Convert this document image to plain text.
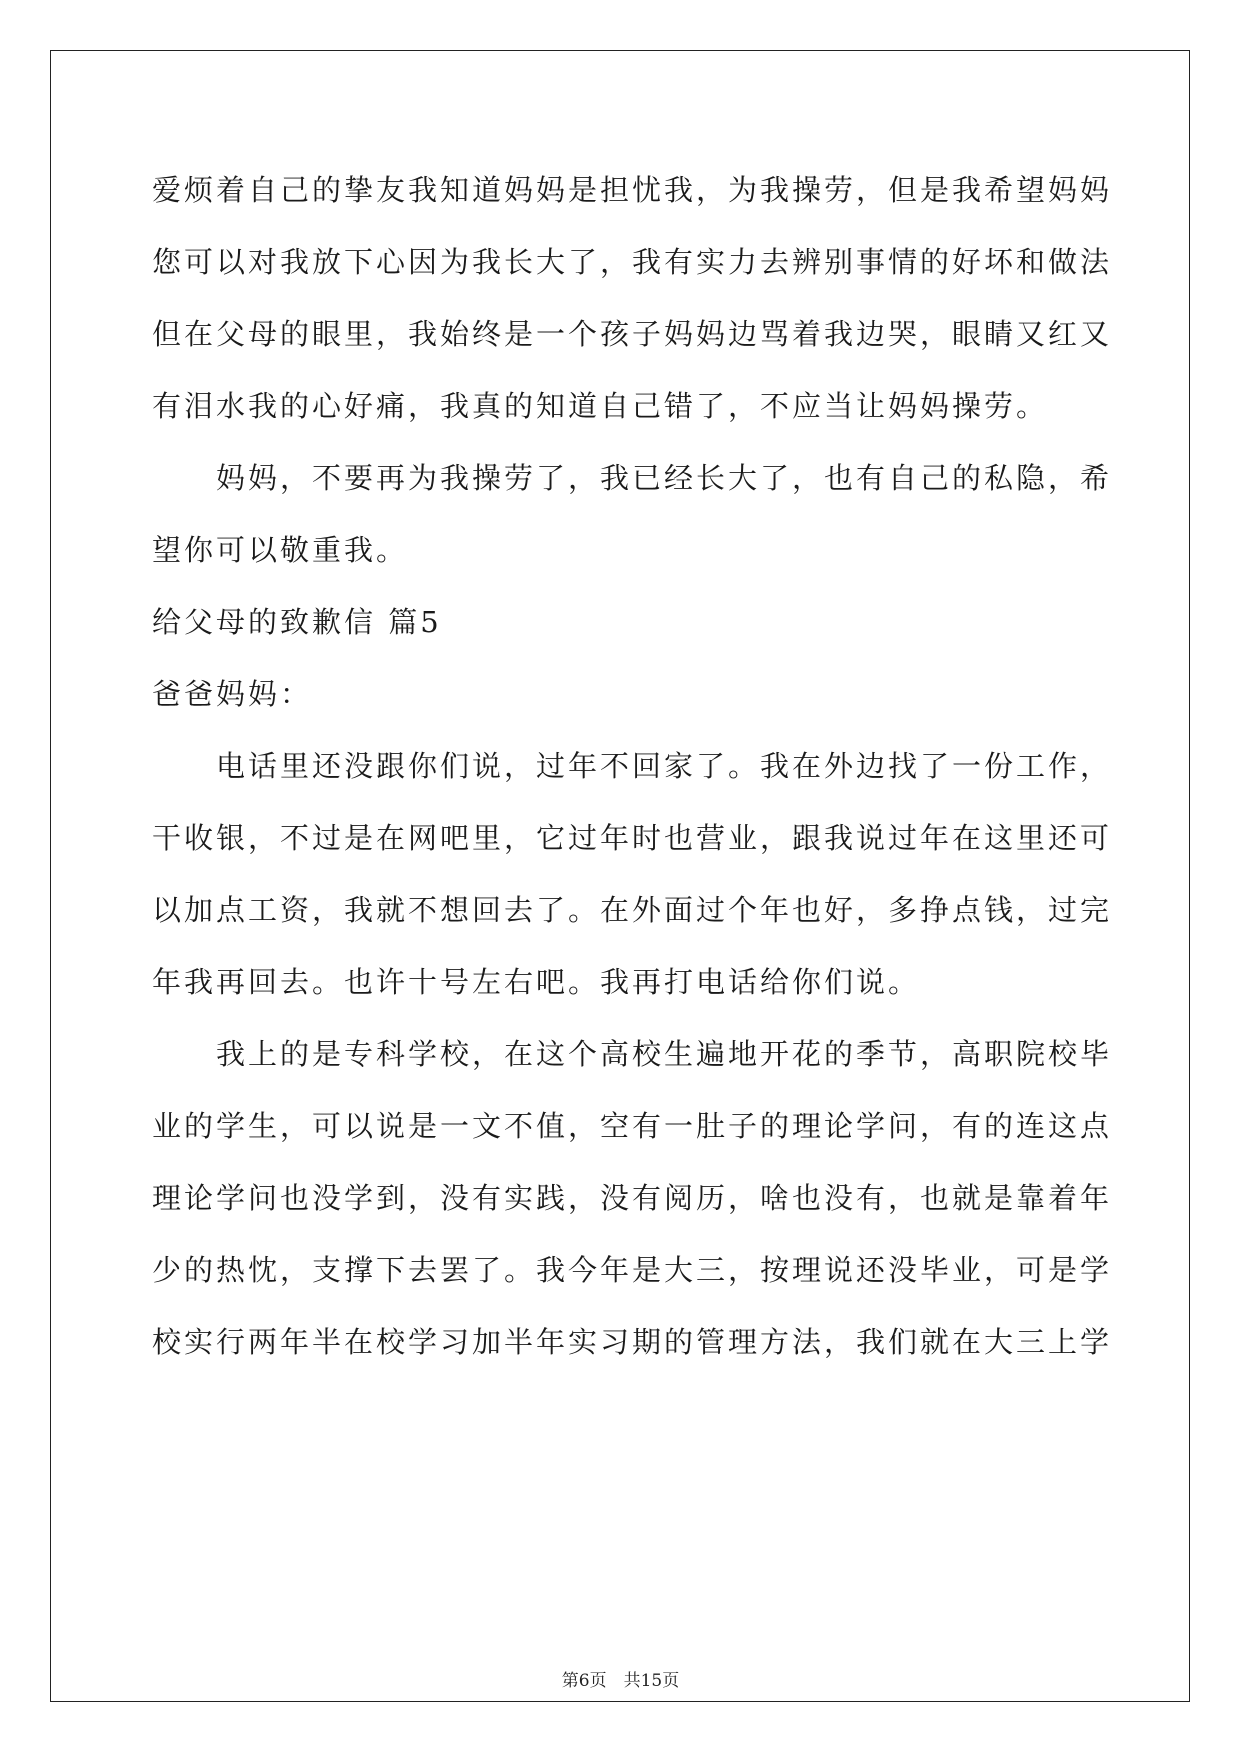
爱烦着自己的挚友我知道妈妈是担忧我，为我操劳，但是我希望妈妈
您可以对我放下心因为我长大了，我有实力去辨别事情的好坏和做法
但在父母的眼里，我始终是一个孩子妈妈边骂着我边哭，眼睛又红又
有泪水我的心好痛，我真的知道自己错了，不应当让妈妈操劳。
　　妈妈，不要再为我操劳了，我已经长大了，也有自己的私隐，希
望你可以敬重我。
给父母的致歉信 篇5
爸爸妈妈：
　　电话里还没跟你们说，过年不回家了。我在外边找了一份工作，
干收银，不过是在网吧里，它过年时也营业，跟我说过年在这里还可
以加点工资，我就不想回去了。在外面过个年也好，多挣点钱，过完
年我再回去。也许十号左右吧。我再打电话给你们说。
　　我上的是专科学校，在这个高校生遍地开花的季节，高职院校毕
业的学生，可以说是一文不值，空有一肚子的理论学问，有的连这点
理论学问也没学到，没有实践，没有阅历，啥也没有，也就是靠着年
少的热忱，支撑下去罢了。我今年是大三，按理说还没毕业，可是学
校实行两年半在校学习加半年实习期的管理方法，我们就在大三上学
第6页　共15页
